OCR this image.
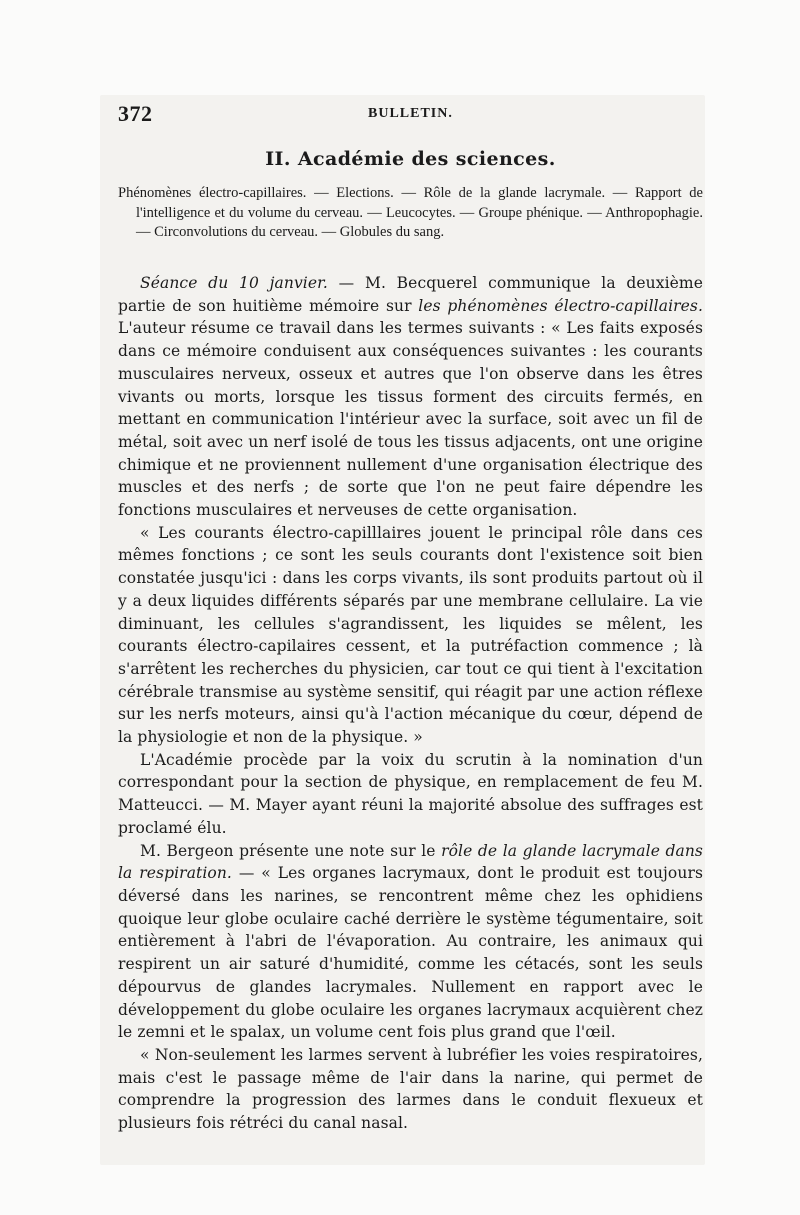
372	BULLETIN.
II. Académie des sciences.
Phénomènes électro-capillaires. — Elections. — Rôle de la glande lacrymale. — Rapport de l'intelligence et du volume du cerveau. — Leucocytes. — Groupe phénique. — Anthropophagie. — Circonvolutions du cerveau. — Globules du sang.

Séance du 10 janvier. — M. Becquerel communique la deuxième partie de son huitième mémoire sur les phénomènes électro-capillaires. L'auteur résume ce travail dans les termes suivants : « Les faits exposés dans ce mémoire conduisent aux conséquences suivantes : les courants musculaires nerveux, osseux et autres que l'on observe dans les êtres vivants ou morts, lorsque les tissus forment des circuits fermés, en mettant en communication l'intérieur avec la surface, soit avec un fil de métal, soit avec un nerf isolé de tous les tissus adjacents, ont une origine chimique et ne proviennent nullement d'une organisation électrique des muscles et des nerfs ; de sorte que l'on ne peut faire dépendre les fonctions musculaires et nerveuses de cette organisation.

« Les courants électro-capilllaires jouent le principal rôle dans ces mêmes fonctions ; ce sont les seuls courants dont l'existence soit bien constatée jusqu'ici : dans les corps vivants, ils sont produits partout où il y a deux liquides différents séparés par une membrane cellulaire. La vie diminuant, les cellules s'agrandissent, les liquides se mêlent, les courants électro-capilaires cessent, et la putréfaction commence ; là s'arrêtent les recherches du physicien, car tout ce qui tient à l'excitation cérébrale transmise au système sensitif, qui réagit par une action réflexe sur les nerfs moteurs, ainsi qu'à l'action mécanique du cœur, dépend de la physiologie et non de la physique. »

L'Académie procède par la voix du scrutin à la nomination d'un correspondant pour la section de physique, en remplacement de feu M. Matteucci. — M. Mayer ayant réuni la majorité absolue des suffrages est proclamé élu.

M. Bergeon présente une note sur le rôle de la glande lacrymale dans la respiration. — « Les organes lacrymaux, dont le produit est toujours déversé dans les narines, se rencontrent même chez les ophidiens quoique leur globe oculaire caché derrière le système tégumentaire, soit entièrement à l'abri de l'évaporation. Au contraire, les animaux qui respirent un air saturé d'humidité, comme les cétacés, sont les seuls dépourvus de glandes lacrymales. Nullement en rapport avec le développement du globe oculaire les organes lacrymaux acquièrent chez le zemni et le spalax, un volume cent fois plus grand que l'œil.

« Non-seulement les larmes servent à lubréfier les voies respiratoires, mais c'est le passage même de l'air dans la narine, qui permet de comprendre la progression des larmes dans le conduit flexueux et plusieurs fois rétréci du canal nasal.
